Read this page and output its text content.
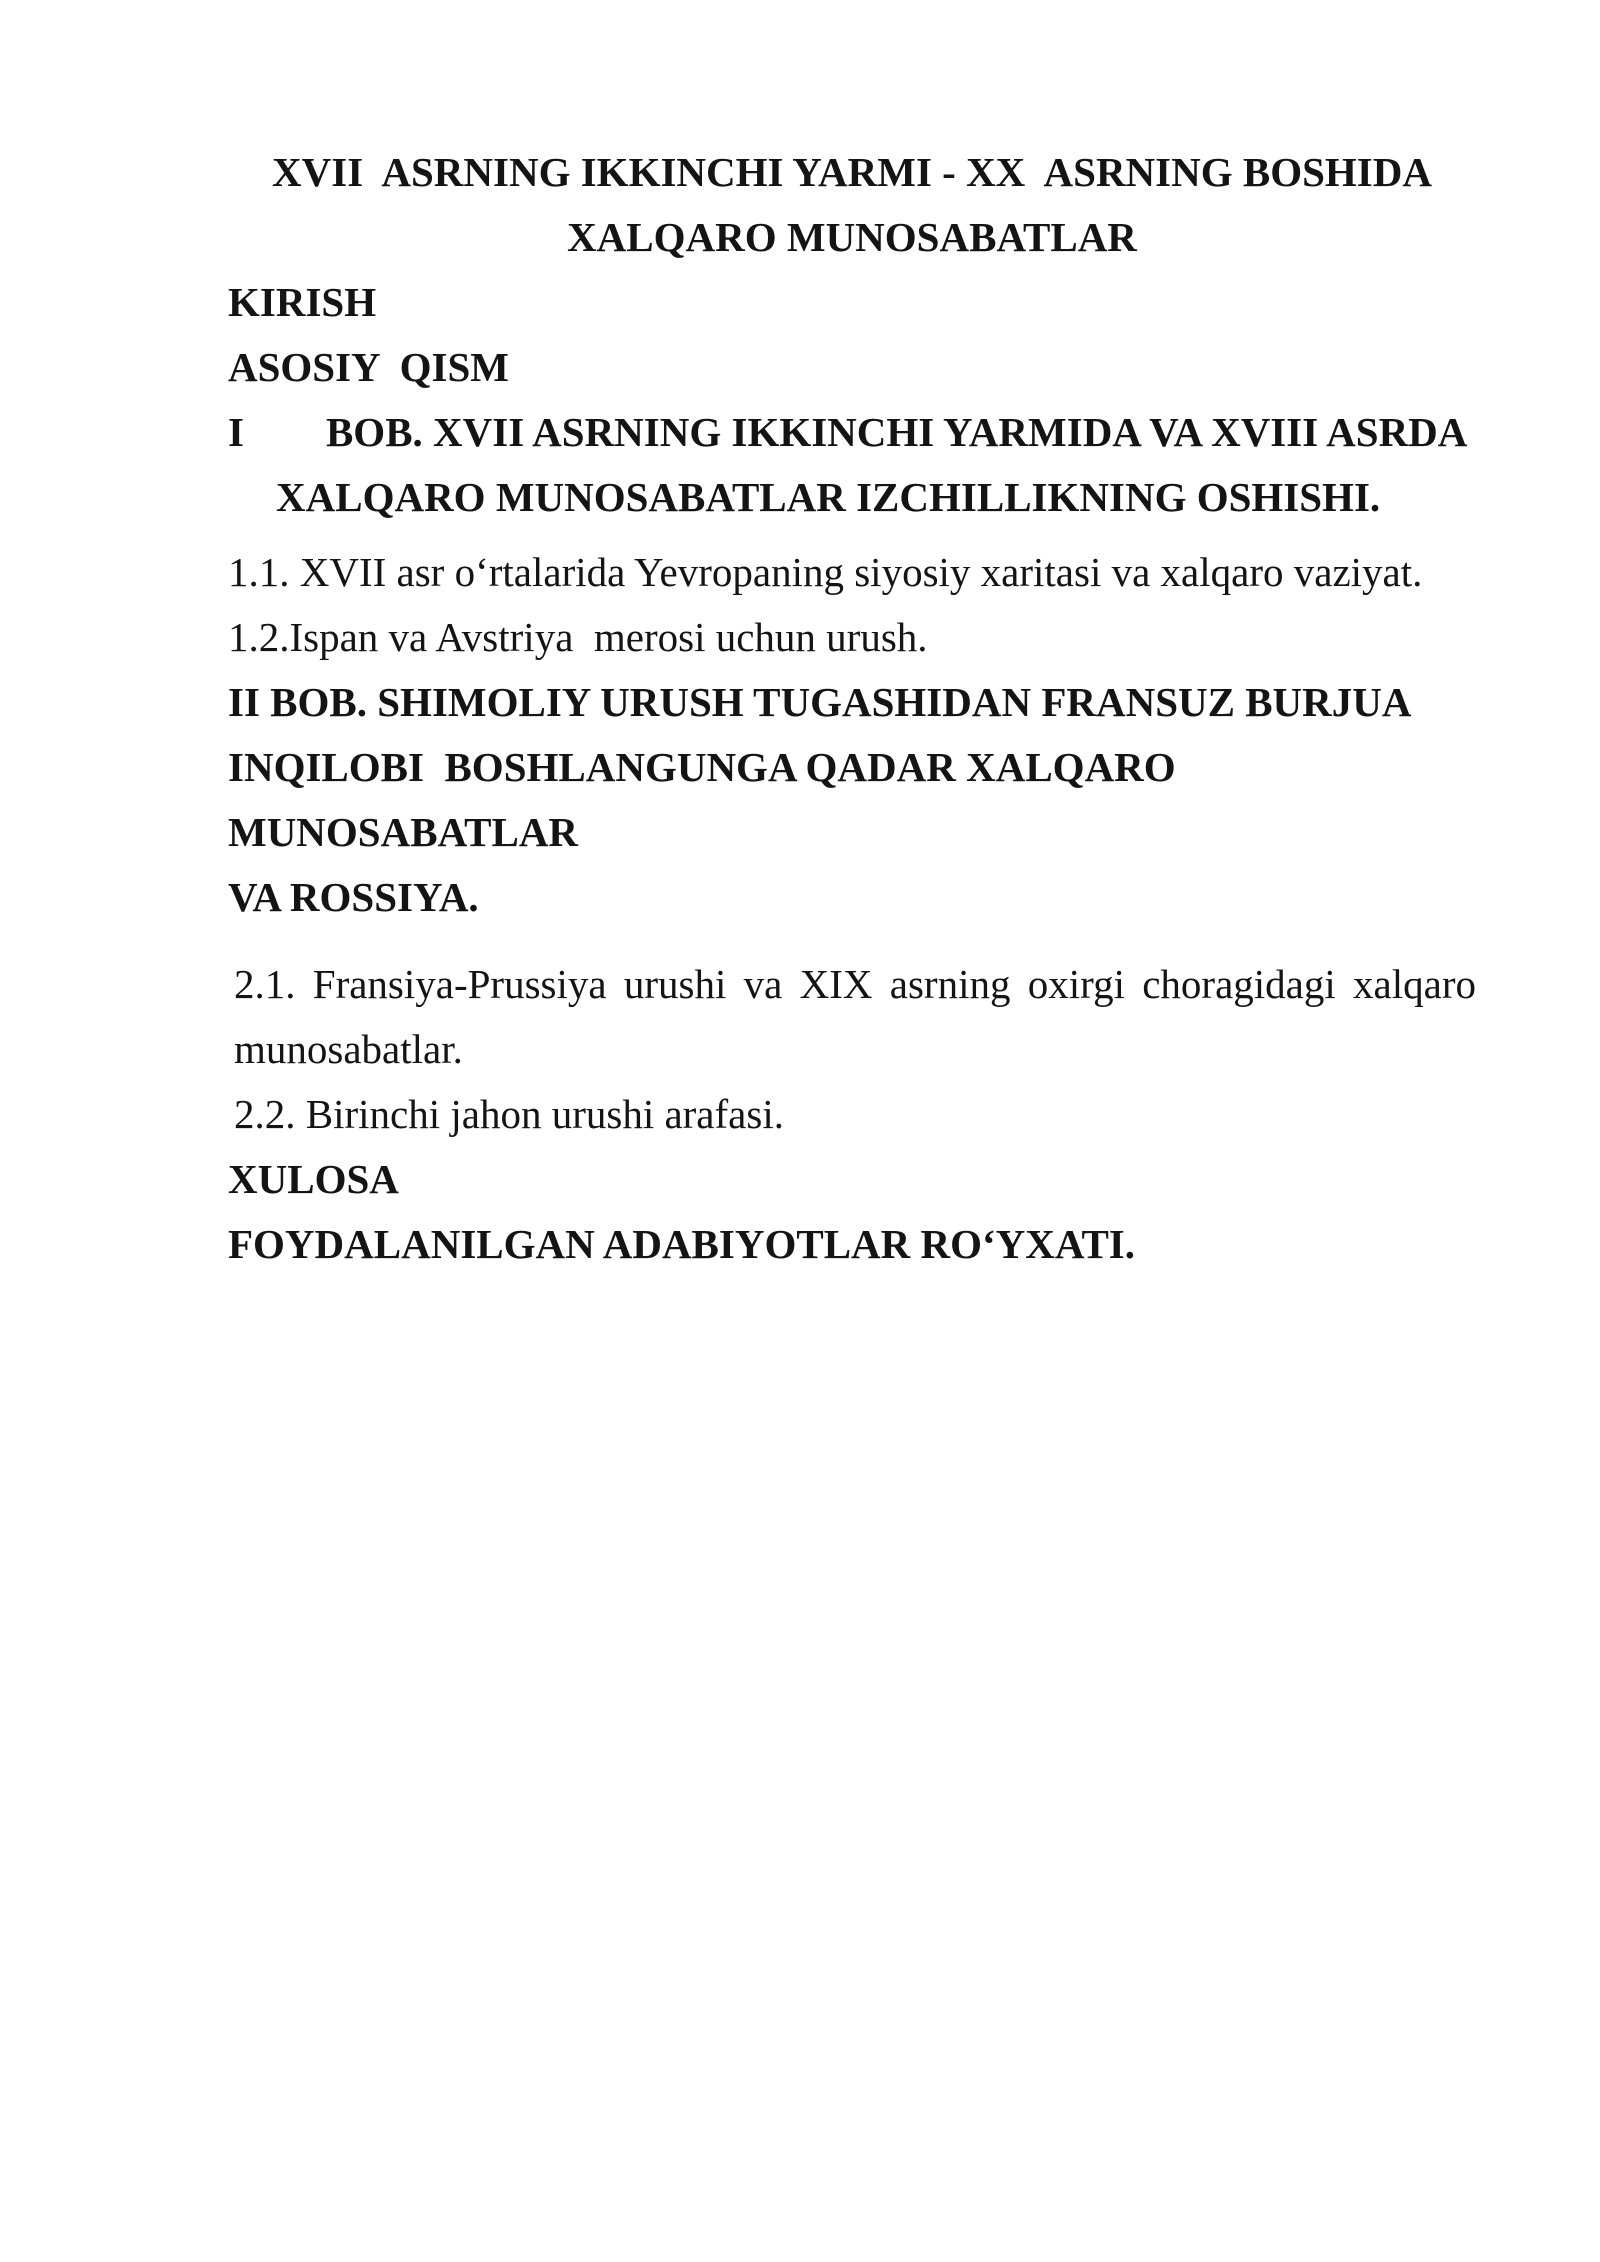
XVII  ASRNING IKKINCHI YARMI - XX  ASRNING BOSHIDA

XALQARO MUNOSABATLAR

KIRISH

ASOSIY  QISM

I        BOB. XVII ASRNING IKKINCHI YARMIDA VA XVIII ASRDA

XALQARO MUNOSABATLAR IZCHILLIKNING OSHISHI.

1.1. XVII asr oʻrtalarida Yevropaning siyosiy xaritasi va xalqaro vaziyat.

1.2.Ispan va Avstriya  merosi uchun urush.

II BOB. SHIMOLIY URUSH TUGASHIDAN FRANSUZ BURJUA

INQILOBI  BOSHLANGUNGA QADAR XALQARO MUNOSABATLAR

VA ROSSIYA.

2.1. Fransiya-Prussiya urushi va XIX asrning oxirgi choragidagi xalqaro

munosabatlar.

2.2. Birinchi jahon urushi arafasi.

XULOSA

FOYDALANILGAN ADABIYOTLAR ROʻYXATI.
